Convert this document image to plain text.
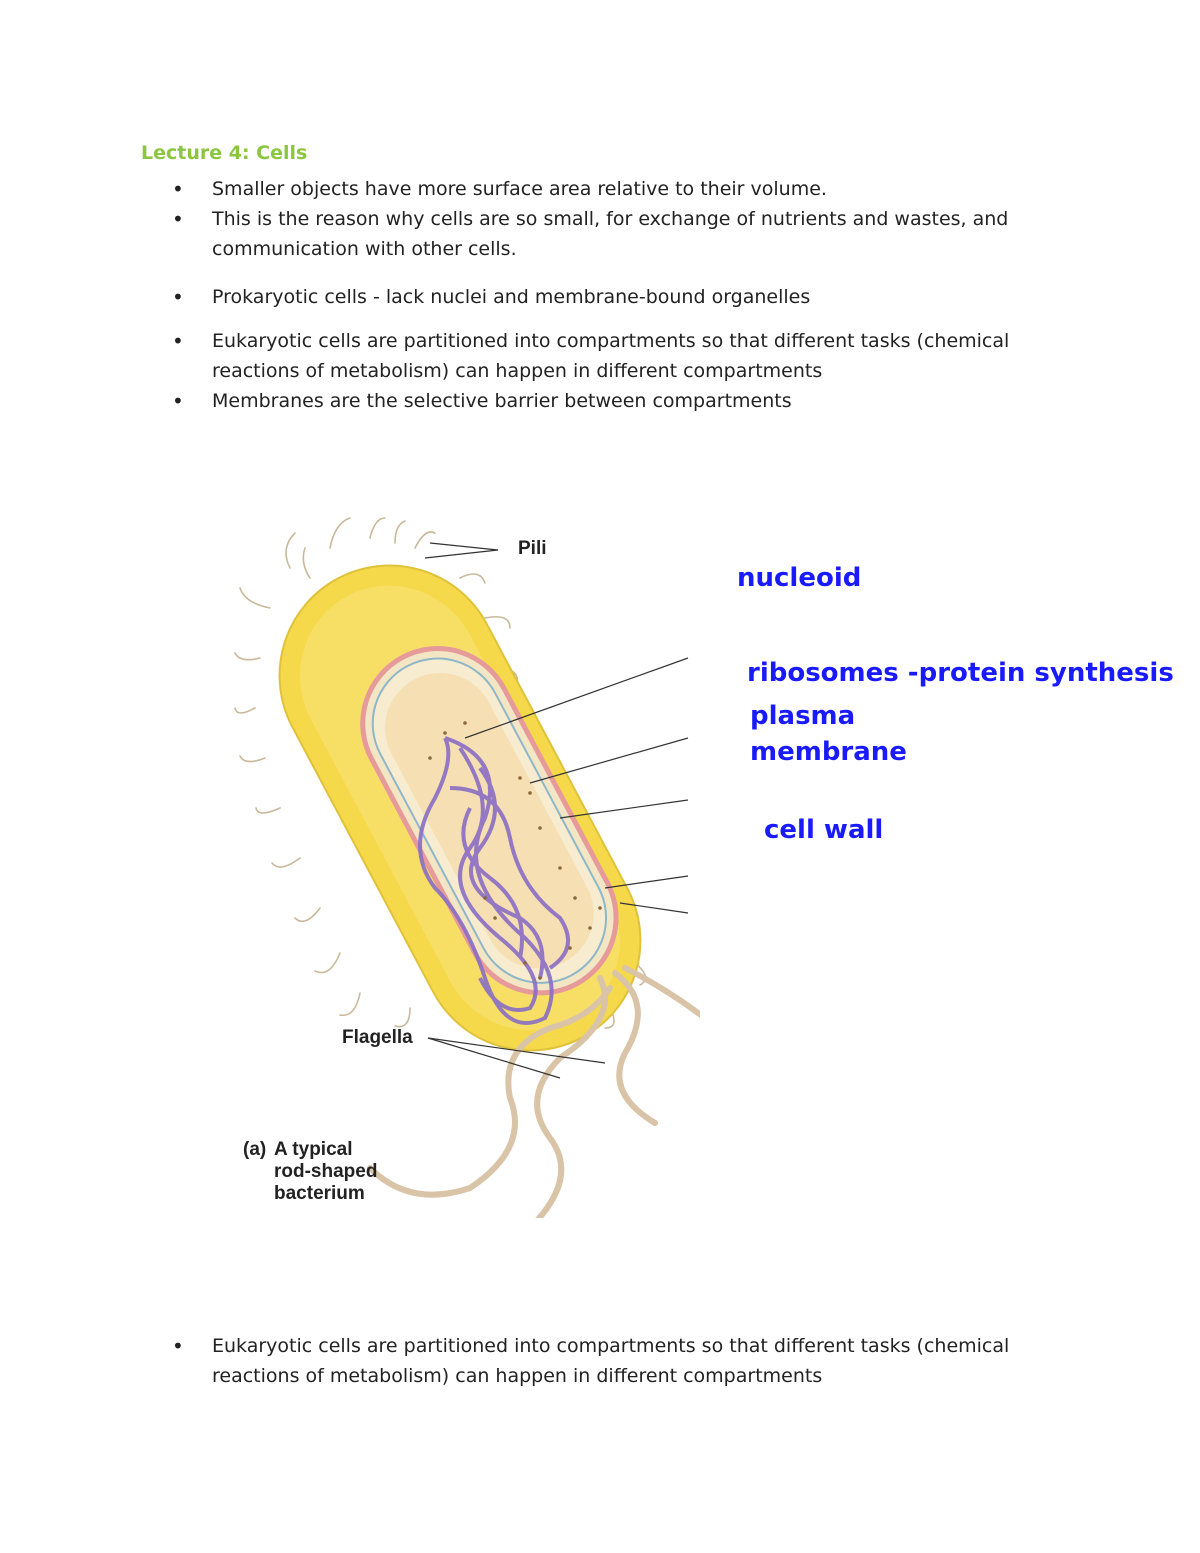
Lecture 4: Cells
• Smaller objects have more surface area relative to their volume.
• This is the reason why cells are so small, for exchange of nutrients and wastes, and communication with other cells.
• Prokaryotic cells - lack nuclei and membrane-bound organelles
• Eukaryotic cells are partitioned into compartments so that different tasks (chemical reactions of metabolism) can happen in different compartments
• Membranes are the selective barrier between compartments
Pili
Flagella
(a) A typical
rod-shaped
bacterium
nucleoid
ribosomes -protein synthesis
plasma
membrane
cell wall
• Eukaryotic cells are partitioned into compartments so that different tasks (chemical reactions of metabolism) can happen in different compartments
